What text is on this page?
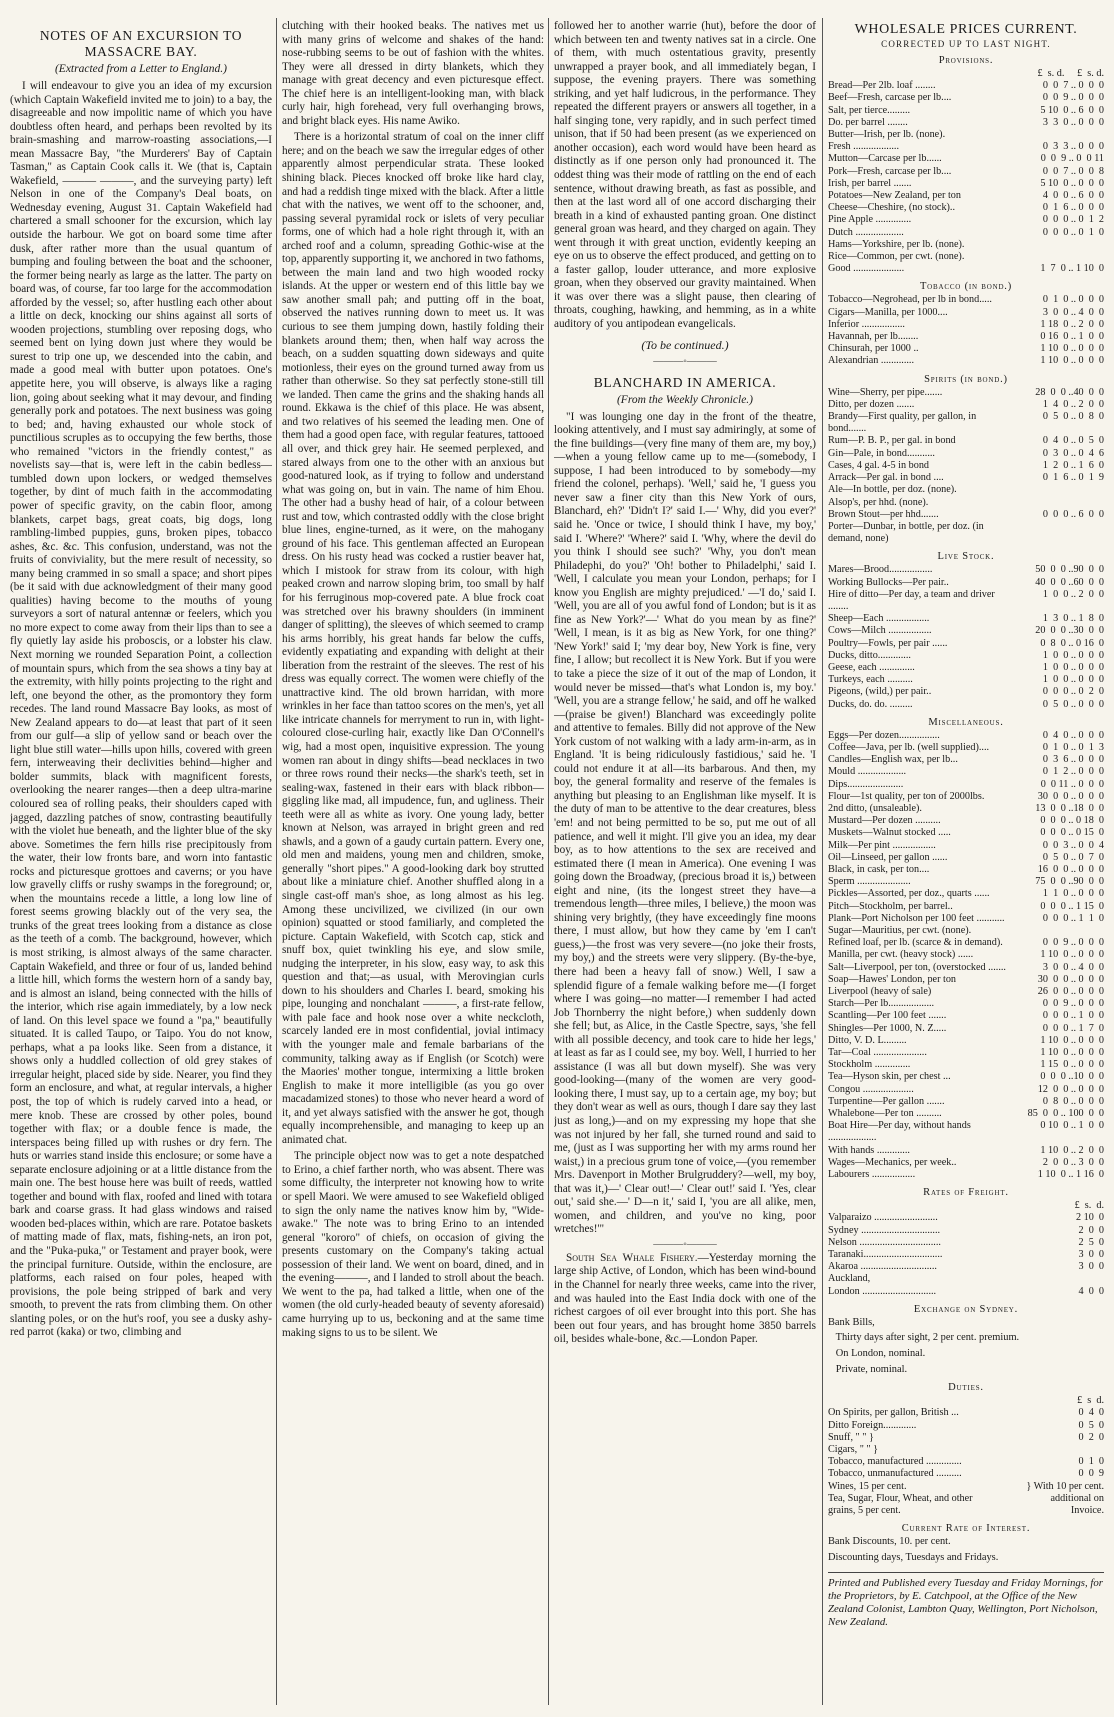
NOTES OF AN EXCURSION TO MASSACRE BAY.
(Extracted from a Letter to England.)

I will endeavour to give you an idea of my excursion (which Captain Wakefield invited me to join) to a bay, the disagreeable and now impolitic name of which you have doubtless often heard, and perhaps been revolted by its brain-smashing and marrow-roasting associations,—I mean Massacre Bay, "the Murderers' Bay of Captain Tasman," as Captain Cook calls it. We (that is, Captain Wakefield, ——— ———, and the surveying party) left Nelson in one of the Company's Deal boats, on Wednesday evening, August 31. Captain Wakefield had chartered a small schooner for the excursion, which lay outside the harbour. We got on board some time after dusk, after rather more than the usual quantum of bumping and fouling between the boat and the schooner, the former being nearly as large as the latter. The party on board was, of course, far too large for the accommodation afforded by the vessel; so, after hustling each other about a little on deck, knocking our shins against all sorts of wooden projections, stumbling over reposing dogs, who seemed bent on lying down just where they would be surest to trip one up, we descended into the cabin, and made a good meal with butter upon potatoes. One's appetite here, you will observe, is always like a raging lion, going about seeking what it may devour, and finding generally pork and potatoes. The next business was going to bed; and, having exhausted our whole stock of punctilious scruples as to occupying the few berths, those who remained "victors in the friendly contest," as novelists say—that is, were left in the cabin bedless—tumbled down upon lockers, or wedged themselves together, by dint of much faith in the accommodating power of specific gravity, on the cabin floor, among blankets, carpet bags, great coats, big dogs, long rambling-limbed puppies, guns, broken pipes, tobacco ashes, &c. &c. This confusion, understand, was not the fruits of conviviality, but the mere result of necessity, so many being crammed in so small a space; and short pipes (be it said with due acknowledgment of their many good qualities) having become to the mouths of young surveyors a sort of natural antennæ or feelers, which you no more expect to come away from their lips than to see a fly quietly lay aside his proboscis, or a lobster his claw. Next morning we rounded Separation Point, a collection of mountain spurs, which from the sea shows a tiny bay at the extremity, with hilly points projecting to the right and left, one beyond the other, as the promontory they form recedes. The land round Massacre Bay looks, as most of New Zealand appears to do—at least that part of it seen from our gulf—a slip of yellow sand or beach over the light blue still water—hills upon hills, covered with green fern, interweaving their declivities behind—higher and bolder summits, black with magnificent forests, overlooking the nearer ranges—then a deep ultra-marine coloured sea of rolling peaks, their shoulders caped with jagged, dazzling patches of snow, contrasting beautifully with the violet hue beneath, and the lighter blue of the sky above. Sometimes the fern hills rise precipitously from the water, their low fronts bare, and worn into fantastic rocks and picturesque grottoes and caverns; or you have low gravelly cliffs or rushy swamps in the foreground; or, when the mountains recede a little, a long low line of forest seems growing blackly out of the very sea, the trunks of the great trees looking from a distance as close as the teeth of a comb. The background, however, which is most striking, is almost always of the same character. Captain Wakefield, and three or four of us, landed behind a little hill, which forms the western horn of a sandy bay, and is almost an island, being connected with the hills of the interior, which rise again immediately, by a low neck of land. On this level space we found a "pa," beautifully situated. It is called Taupo, or Taipo. You do not know, perhaps, what a pa looks like. Seen from a distance, it shows only a huddled collection of old grey stakes of irregular height, placed side by side. Nearer, you find they form an enclosure, and what, at regular intervals, a higher post, the top of which is rudely carved into a head, or mere knob. These are crossed by other poles, bound together with flax; or a double fence is made, the interspaces being filled up with rushes or dry fern. The huts or warries stand inside this enclosure; or some have a separate enclosure adjoining or at a little distance from the main one. The best house here was built of reeds, wattled together and bound with flax, roofed and lined with totara bark and coarse grass. It had glass windows and raised wooden bed-places within, which are rare. Potatoe baskets of matting made of flax, mats, fishing-nets, an iron pot, and the "Puka-puka," or Testament and prayer book, were the principal furniture. Outside, within the enclosure, are platforms, each raised on four poles, heaped with provisions, the pole being stripped of bark and very smooth, to prevent the rats from climbing them. On other slanting poles, or on the hut's roof, you see a dusky ashy-red parrot (kaka) or two, climbing and

clutching with their hooked beaks. The natives met us with many grins of welcome and shakes of the hand: nose-rubbing seems to be out of fashion with the whites. They were all dressed in dirty blankets, which they manage with great decency and even picturesque effect. The chief here is an intelligent-looking man, with black curly hair, high forehead, very full overhanging brows, and bright black eyes. His name Awiko.

There is a horizontal stratum of coal on the inner cliff here; and on the beach we saw the irregular edges of other apparently almost perpendicular strata. These looked shining black. Pieces knocked off broke like hard clay, and had a reddish tinge mixed with the black. After a little chat with the natives, we went off to the schooner, and, passing several pyramidal rock or islets of very peculiar forms, one of which had a hole right through it, with an arched roof and a column, spreading Gothic-wise at the top, apparently supporting it, we anchored in two fathoms, between the main land and two high wooded rocky islands. At the upper or western end of this little bay we saw another small pah; and putting off in the boat, observed the natives running down to meet us. It was curious to see them jumping down, hastily folding their blankets around them; then, when half way across the beach, on a sudden squatting down sideways and quite motionless, their eyes on the ground turned away from us rather than otherwise. So they sat perfectly stone-still till we landed. Then came the grins and the shaking hands all round. Ekkawa is the chief of this place. He was absent, and two relatives of his seemed the leading men. One of them had a good open face, with regular features, tattooed all over, and thick grey hair. He seemed perplexed, and stared always from one to the other with an anxious but good-natured look, as if trying to follow and understand what was going on, but in vain. The name of him Ehou. The other had a bushy head of hair, of a colour between rust and tow, which contrasted oddly with the close bright blue lines, engine-turned, as it were, on the mahogany ground of his face. This gentleman affected an European dress. On his rusty head was cocked a rustier beaver hat, which I mistook for straw from its colour, with high peaked crown and narrow sloping brim, too small by half for his ferruginous mop-covered pate. A blue frock coat was stretched over his brawny shoulders (in imminent danger of splitting), the sleeves of which seemed to cramp his arms horribly, his great hands far below the cuffs, evidently expatiating and expanding with delight at their liberation from the restraint of the sleeves. The rest of his dress was equally correct. The women were chiefly of the unattractive kind. The old brown harridan, with more wrinkles in her face than tattoo scores on the men's, yet all like intricate channels for merryment to run in, with light-coloured close-curling hair, exactly like Dan O'Connell's wig, had a most open, inquisitive expression. The young women ran about in dingy shifts—bead necklaces in two or three rows round their necks—the shark's teeth, set in sealing-wax, fastened in their ears with black ribbon—giggling like mad, all impudence, fun, and ugliness. Their teeth were all as white as ivory. One young lady, better known at Nelson, was arrayed in bright green and red shawls, and a gown of a gaudy curtain pattern. Every one, old men and maidens, young men and children, smoke, generally "short pipes." A good-looking dark boy strutted about like a miniature chief. Another shuffled along in a single cast-off man's shoe, as long almost as his leg. Among these uncivilized, we civilized (in our own opinion) squatted or stood familiarly, and completed the picture. Captain Wakefield, with Scotch cap, stick and snuff box, quiet twinkling his eye, and slow smile, nudging the interpreter, in his slow, easy way, to ask this question and that;—as usual, with Merovingian curls down to his shoulders and Charles I. beard, smoking his pipe, lounging and nonchalant ———, a first-rate fellow, with pale face and hook nose over a white neckcloth, scarcely landed ere in most confidential, jovial intimacy with the younger male and female barbarians of the community, talking away as if English (or Scotch) were the Maories' mother tongue, intermixing a little broken English to make it more intelligible (as you go over macadamized stones) to those who never heard a word of it, and yet always satisfied with the answer he got, though equally incomprehensible, and managing to keep up an animated chat.

The principle object now was to get a note despatched to Erino, a chief farther north, who was absent. There was some difficulty, the interpreter not knowing how to write or spell Maori. We were amused to see Wakefield obliged to sign the only name the natives know him by, "Wide-awake." The note was to bring Erino to an intended general "kororo" of chiefs, on occasion of giving the presents customary on the Company's taking actual possession of their land. We went on board, dined, and in the evening———, and I landed to stroll about the beach. We went to the pa, had talked a little, when one of the women (the old curly-headed beauty of seventy aforesaid) came hurrying up to us, beckoning and at the same time making signs to us to be silent. We

followed her to another warrie (hut), before the door of which between ten and twenty natives sat in a circle. One of them, with much ostentatious gravity, presently unwrapped a prayer book, and all immediately began, I suppose, the evening prayers. There was something striking, and yet half ludicrous, in the performance. They repeated the different prayers or answers all together, in a half singing tone, very rapidly, and in such perfect timed unison, that if 50 had been present (as we experienced on another occasion), each word would have been heard as distinctly as if one person only had pronounced it. The oddest thing was their mode of rattling on the end of each sentence, without drawing breath, as fast as possible, and then at the last word all of one accord discharging their breath in a kind of exhausted panting groan. One distinct general groan was heard, and they charged on again. They went through it with great unction, evidently keeping an eye on us to observe the effect produced, and getting on to a faster gallop, louder utterance, and more explosive groan, when they observed our gravity maintained. When it was over there was a slight pause, then clearing of throats, coughing, hawking, and hemming, as in a white auditory of you antipodean evangelicals.

(To be continued.)
———◦———
BLANCHARD IN AMERICA.
(From the Weekly Chronicle.)

"I was lounging one day in the front of the theatre, looking attentively, and I must say admiringly, at some of the fine buildings—(very fine many of them are, my boy,)—when a young fellow came up to me—(somebody, I suppose, I had been introduced to by somebody—my friend the colonel, perhaps). 'Well,' said he, 'I guess you never saw a finer city than this New York of ours, Blanchard, eh?' 'Didn't I?' said I.—' Why, did you ever?' said he. 'Once or twice, I should think I have, my boy,' said I. 'Where?' 'Where?' said I. 'Why, where the devil do you think I should see such?' 'Why, you don't mean Philadephi, do you?' 'Oh! bother to Philadelphi,' said I. 'Well, I calculate you mean your London, perhaps; for I know you English are mighty prejudiced.' —'I do,' said I. 'Well, you are all of you awful fond of London; but is it as fine as New York?'—' What do you mean by as fine?' 'Well, I mean, is it as big as New York, for one thing?' 'New York!' said I; 'my dear boy, New York is fine, very fine, I allow; but recollect it is New York. But if you were to take a piece the size of it out of the map of London, it would never be missed—that's what London is, my boy.' 'Well, you are a strange fellow,' he said, and off he walked—(praise be given!) Blanchard was exceedingly polite and attentive to females. Billy did not approve of the New York custom of not walking with a lady arm-in-arm, as in England. 'It is being ridiculously fastidious,' said he. 'I could not endure it at all—its barbarous. And then, my boy, the general formality and reserve of the females is anything but pleasing to an Englishman like myself. It is the duty of man to be attentive to the dear creatures, bless 'em! and not being permitted to be so, put me out of all patience, and well it might. I'll give you an idea, my dear boy, as to how attentions to the sex are received and estimated there (I mean in America). One evening I was going down the Broadway, (precious broad it is,) between eight and nine, (its the longest street they have—a tremendous length—three miles, I believe,) the moon was shining very brightly, (they have exceedingly fine moons there, I must allow, but how they came by 'em I can't guess,)—the frost was very severe—(no joke their frosts, my boy,) and the streets were very slippery. (By-the-bye, there had been a heavy fall of snow.) Well, I saw a splendid figure of a female walking before me—(I forget where I was going—no matter—I remember I had acted Job Thornberry the night before,) when suddenly down she fell; but, as Alice, in the Castle Spectre, says, 'she fell with all possible decency, and took care to hide her legs,' at least as far as I could see, my boy. Well, I hurried to her assistance (I was all but down myself). She was very good-looking—(many of the women are very good-looking there, I must say, up to a certain age, my boy; but they don't wear as well as ours, though I dare say they last just as long,)—and on my expressing my hope that she was not injured by her fall, she turned round and said to me, (just as I was supporting her with my arms round her waist,) in a precious grum tone of voice,—(you remember Mrs. Davenport in Mother Brulgruddery?—well, my boy, that was it,)—' Clear out!—' Clear out!' said I. 'Yes, clear out,' said she.—' D—n it,' said I, 'you are all alike, men, women, and children, and you've no king, poor wretches!'"

———◦———

South Sea Whale Fishery.—Yesterday morning the large ship Active, of London, which has been wind-bound in the Channel for nearly three weeks, came into the river, and was hauled into the East India dock with one of the richest cargoes of oil ever brought into this port. She has been out four years, and has brought home 3850 barrels oil, besides whale-bone, &c.—London Paper.

WHOLESALE PRICES CURRENT.
CORRECTED UP TO LAST NIGHT.
Provisions.
	£  s. d.     £  s. d.
Bread—Per 2lb. loaf ........	0  0  7 .. 0  0  0
Beef—Fresh, carcase per lb....	0  0  9 .. 0  0  0
Salt, per tierce.........	5 10  0 .. 6  0  0
Do. per barrel ........	3  3  0 .. 0  0  0
Butter—Irish, per lb. (none).	
Fresh ..................	0  3  3 .. 0  0  0
Mutton—Carcase per lb......	0  0  9 .. 0  0 11
Pork—Fresh, carcase per lb....	0  0  7 .. 0  0  8
Irish, per barrel .......	5 10  0 .. 0  0  0
Potatoes—New Zealand, per ton	4  0  0 .. 6  0  0
Cheese—Cheshire, (no stock)..	0  1  6 .. 0  0  0
Pine Apple ..............	0  0  0 .. 0  1  2
Dutch ...................	0  0  0 .. 0  1  0
Hams—Yorkshire, per lb. (none).	
Rice—Common, per cwt. (none).	
Good ....................	1  7  0 .. 1 10  0
Tobacco (in bond.)
Tobacco—Negrohead, per lb in bond.....	0  1  0 .. 0  0  0
Cigars—Manilla, per 1000....	3  0  0 .. 4  0  0
Inferior .................	1 18  0 .. 2  0  0
Havannah, per lb........	0 16  0 .. 1  0  0
Chinsurah, per 1000 ..	1 10  0 .. 0  0  0
Alexandrian .............	1 10  0 .. 0  0  0
Spirits (in bond.)
Wine—Sherry, per pipe.......	28  0  0 ..40  0  0
Ditto, per dozen .......	1  4  0 .. 2  0  0
Brandy—First quality, per gallon, in bond.......	0  5  0 .. 0  8  0
Rum—P. B. P., per gal. in bond	0  4  0 .. 0  5  0
Gin—Pale, in bond...........	0  3  0 .. 0  4  6
Cases, 4 gal. 4-5 in bond	1  2  0 .. 1  6  0
Arrack—Per gal. in bond ....	0  1  6 .. 0  1  9
Ale—In bottle, per doz. (none).	
Alsop's, per hhd. (none).	
Brown Stout—per hhd.......	0  0  0 .. 6  0  0
Porter—Dunbar, in bottle, per doz. (in demand, none)	
Live Stock.
Mares—Brood.................	50  0  0 ..90  0  0
Working Bullocks—Per pair..	40  0  0 ..60  0  0
Hire of ditto—Per day, a team and driver ........	1  0  0 .. 2  0  0
Sheep—Each .................	1  3  0 .. 1  8  0
Cows—Milch .................	20  0  0 ..30  0  0
Poultry—Fowls, per pair ......	0  8  0 .. 0 16  0
Ducks, ditto.............	1  0  0 .. 0  0  0
Geese, each ..............	1  0  0 .. 0  0  0
Turkeys, each ..........	1  0  0 .. 0  0  0
Pigeons, (wild,) per pair..	0  0  0 .. 0  2  0
Ducks, do. do. .........	0  5  0 .. 0  0  0
Miscellaneous.
Eggs—Per dozen................	0  4  0 .. 0  0  0
Coffee—Java, per lb. (well supplied)....	0  1  0 .. 0  1  3
Candles—English wax, per lb...	0  3  6 .. 0  0  0
Mould ...................	0  1  2 .. 0  0  0
Dips......................	0  0 11 .. 0  0  0
Flour—1st quality, per ton of 2000lbs.	30  0  0 .. 0  0  0
2nd ditto, (unsaleable).	13  0  0 ..18  0  0
Mustard—Per dozen ..........	0  0  0 .. 0 18  0
Muskets—Walnut stocked .....	0  0  0 .. 0 15  0
Milk—Per pint .................	0  0  3 .. 0  0  4
Oil—Linseed, per gallon ......	0  5  0 .. 0  7  0
Black, in cask, per ton....	16  0  0 .. 0  0  0
Sperm .....................	75  0  0 ..90  0  0
Pickles—Assorted, per doz., quarts ......	1  1  0 .. 0  0  0
Pitch—Stockholm, per barrel..	0  0  0 .. 1 15  0
Plank—Port Nicholson per 100 feet ...........	0  0  0 .. 1  1  0
Sugar—Mauritius, per cwt. (none).	
Refined loaf, per lb. (scarce & in demand).	0  0  9 .. 0  0  0
Manilla, per cwt. (heavy stock) ......	1 10  0 .. 0  0  0
Salt—Liverpool, per ton, (overstocked .......	3  0  0 .. 4  0  0
Soap—Hawes' London, per ton	30  0  0 .. 0  0  0
Liverpool (heavy of sale)	26  0  0 .. 0  0  0
Starch—Per lb..................	0  0  9 .. 0  0  0
Scantling—Per 100 feet .......	0  0  0 .. 1  0  0
Shingles—Per 1000, N. Z.....	0  0  0 .. 1  7  0
Ditto, V. D. L.........	1 10  0 .. 0  0  0
Tar—Coal .....................	1 10  0 .. 0  0  0
Stockholm ..............	1 15  0 .. 0  0  0
Tea—Hyson skin, per chest ...	0  0  0 ..10  0  0
Congou ....................	12  0  0 .. 0  0  0
Turpentine—Per gallon .......	0  8  0 .. 0  0  0
Whalebone—Per ton ..........	85  0  0 .. 100  0  0
Boat Hire—Per day, without hands ...................	0 10  0 .. 1  0  0
With hands .............	1 10  0 .. 2  0  0
Wages—Mechanics, per week..	2  0  0 .. 3  0  0
Labourers .................	1 10  0 .. 1 16  0
Rates of Freight.
	£  s.  d.
Valparaizo .........................	2 10  0
Sydney ...............................	2  0  0
Nelson ................................	2  5  0
Taranaki...............................	3  0  0
Akaroa ..............................	3  0  0
Auckland,	
London .............................	4  0  0
Exchange on Sydney.
Bank Bills,
Thirty days after sight, 2 per cent. premium.
On London, nominal.
Private, nominal.
Duties.
	£  s  d.
On Spirits, per gallon, British ...	0  4  0
Ditto Foreign.............	0  5  0
Snuff, " " }	0  2  0
Cigars, " " }	
Tobacco, manufactured ..............	0  1  0
Tobacco, unmanufactured ..........	0  0  9
Wines, 15 per cent.	} With 10 per cent.
Tea, Sugar, Flour, Wheat, and other	additional on
grains, 5 per cent.	Invoice.
Current Rate of Interest.
Bank Discounts, 10. per cent.
Discounting days, Tuesdays and Fridays.
Printed and Published every Tuesday and Friday Mornings, for the Proprietors, by E. Catchpool, at the Office of the New Zealand Colonist, Lambton Quay, Wellington, Port Nicholson, New Zealand.
